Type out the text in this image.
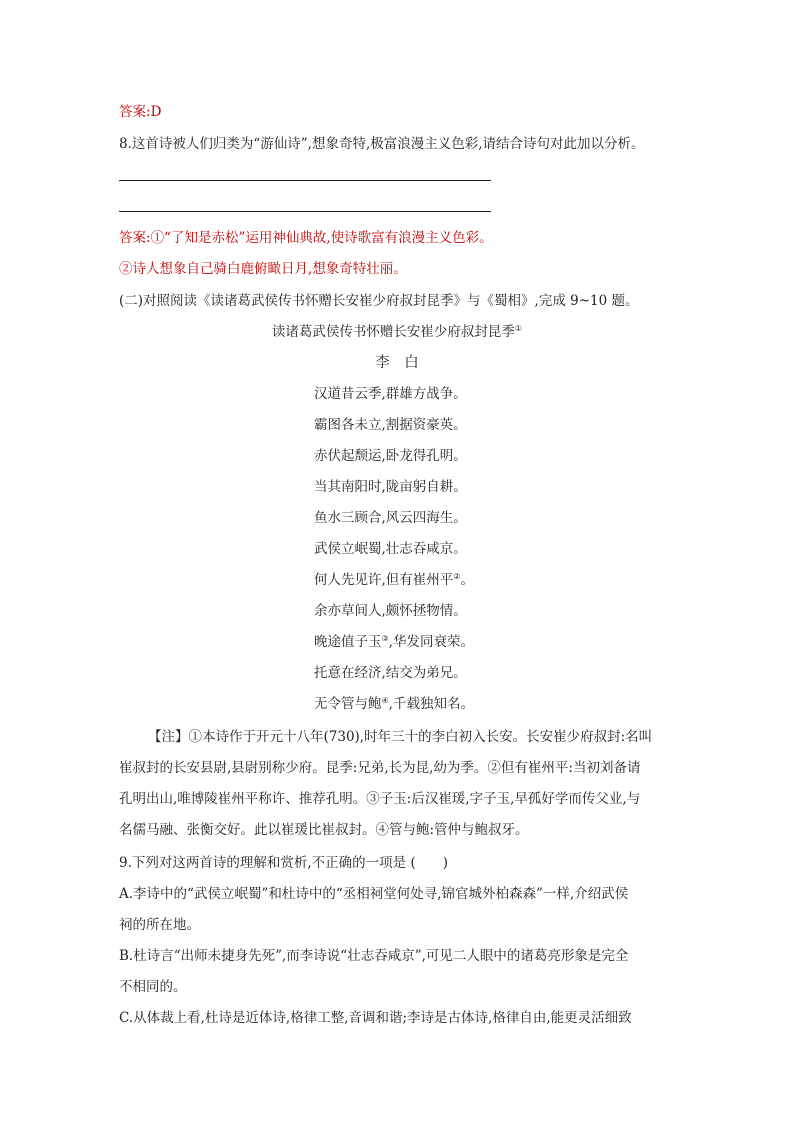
答案:D
8.这首诗被人们归类为“游仙诗”,想象奇特,极富浪漫主义色彩,请结合诗句对此加以分析。
答案:①“了知是赤松”运用神仙典故,使诗歌富有浪漫主义色彩。
②诗人想象自己骑白鹿俯瞰日月,想象奇特壮丽。
(二)对照阅读《读诸葛武侯传书怀赠长安崔少府叔封昆季》与《蜀相》,完成 9~10 题。
读诸葛武侯传书怀赠长安崔少府叔封昆季①
李　白
汉道昔云季,群雄方战争。
霸图各未立,割据资豪英。
赤伏起颓运,卧龙得孔明。
当其南阳时,陇亩躬自耕。
鱼水三顾合,风云四海生。
武侯立岷蜀,壮志吞咸京。
何人先见许,但有崔州平②。
余亦草间人,颇怀拯物情。
晚途值子玉③,华发同衰荣。
托意在经济,结交为弟兄。
无令管与鲍④,千载独知名。
【注】①本诗作于开元十八年(730),时年三十的李白初入长安。长安崔少府叔封:名叫
崔叔封的长安县尉,县尉别称少府。昆季:兄弟,长为昆,幼为季。②但有崔州平:当初刘备请
孔明出山,唯博陵崔州平称许、推荐孔明。③子玉:后汉崔瑗,字子玉,早孤好学而传父业,与
名儒马融、张衡交好。此以崔瑗比崔叔封。④管与鲍:管仲与鲍叔牙。
9.下列对这两首诗的理解和赏析,不正确的一项是 (　　)
A.李诗中的“武侯立岷蜀”和杜诗中的“丞相祠堂何处寻,锦官城外柏森森”一样,介绍武侯
祠的所在地。
B.杜诗言“出师未捷身先死”,而李诗说“壮志吞咸京”,可见二人眼中的诸葛亮形象是完全
不相同的。
C.从体裁上看,杜诗是近体诗,格律工整,音调和谐;李诗是古体诗,格律自由,能更灵活细致
